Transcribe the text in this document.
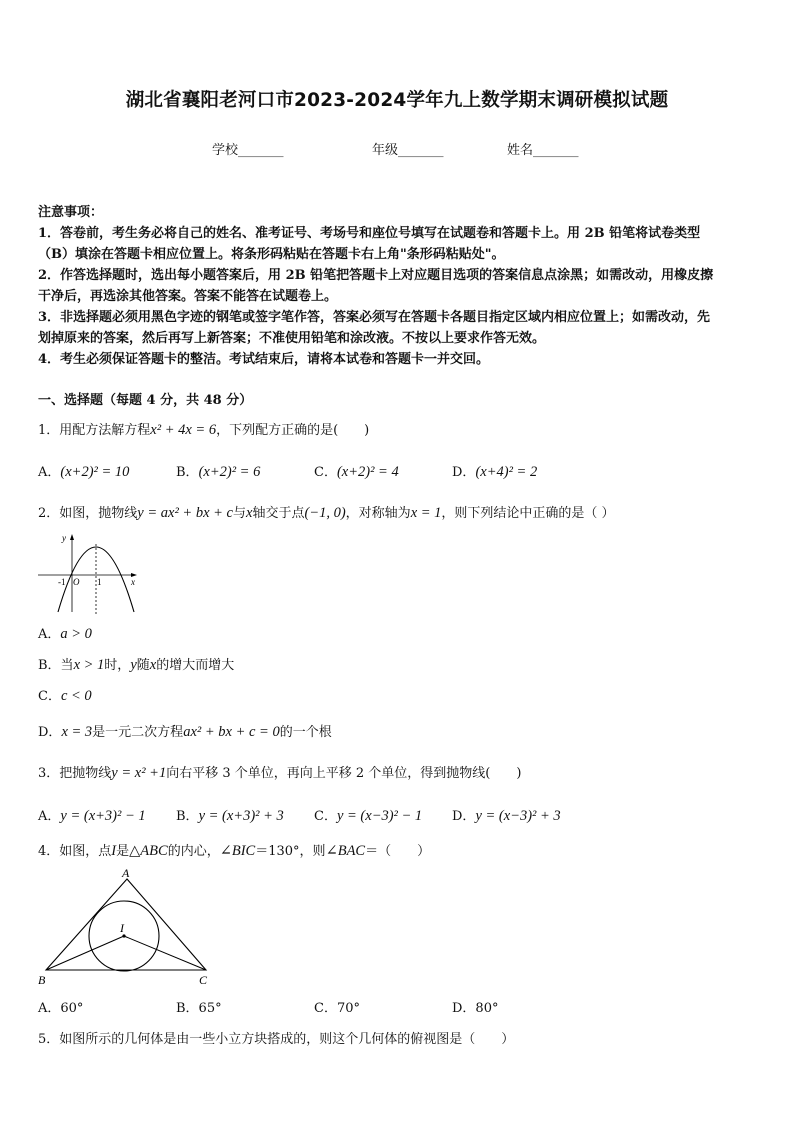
湖北省襄阳老河口市2023-2024学年九上数学期末调研模拟试题
学校_______	年级_______	姓名_______
注意事项：
1．答卷前，考生务必将自己的姓名、准考证号、考场号和座位号填写在试题卷和答题卡上。用 2B 铅笔将试卷类型
（B）填涂在答题卡相应位置上。将条形码粘贴在答题卡右上角"条形码粘贴处"。
2．作答选择题时，选出每小题答案后，用 2B 铅笔把答题卡上对应题目选项的答案信息点涂黑；如需改动，用橡皮擦
干净后，再选涂其他答案。答案不能答在试题卷上。
3．非选择题必须用黑色字迹的钢笔或签字笔作答，答案必须写在答题卡各题目指定区域内相应位置上；如需改动，先
划掉原来的答案，然后再写上新答案；不准使用铅笔和涂改液。不按以上要求作答无效。
4．考生必须保证答题卡的整洁。考试结束后，请将本试卷和答题卡一并交回。
一、选择题（每题 4 分，共 48 分）
1．用配方法解方程x² + 4x = 6，下列配方正确的是(　　)
A．(x+2)² = 10	B．(x+2)² = 6	C．(x+2)² = 4	D．(x+4)² = 2
2．如图，抛物线y = ax² + bx + c与x轴交于点(−1, 0)，对称轴为x = 1，则下列结论中正确的是（ ）
y
x
O
-1	1
A．a > 0
B．当x > 1时，y随x的增大而增大
C．c < 0
D．x = 3是一元二次方程ax² + bx + c = 0的一个根
3．把抛物线y = x² +1向右平移 3 个单位，再向上平移 2 个单位，得到抛物线(　　)
A．y = (x+3)² − 1 B．y = (x+3)² + 3 C．y = (x−3)² − 1 D．y = (x−3)² + 3
4．如图，点I是△ABC的内心，∠BIC＝130°，则∠BAC＝（　　）
A
B	C
I
A．60°	B．65°	C．70°	D．80°
5．如图所示的几何体是由一些小立方块搭成的，则这个几何体的俯视图是（　　）
